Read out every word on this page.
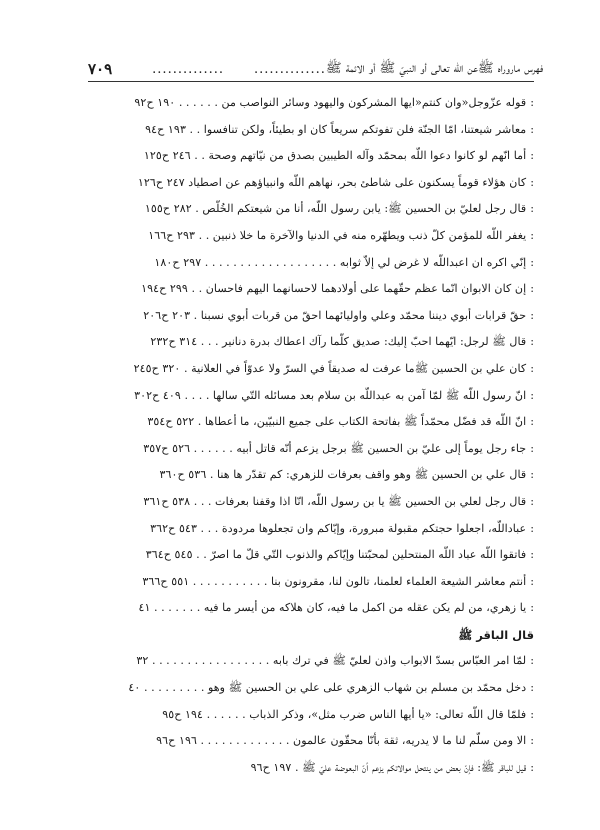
٧٠٩	.............. .............. فهرس ماروراه ﷺعن اللّه تعالى أو النبيّ ﷺ أو الائمة ﷺ
:قوله عزّوجل«وان كنتم«ايها المشركون واليهود وسائر النواصب من . . . . . . ١٩٠ ح٩٢
:معاشر شيعتنا، امّا الجنّة فلن تفوتكم سريعاً كان او بطيئاً، ولكن تنافسوا . . ١٩٣ ح٩٤
:أما انّهم لو كانوا دعوا اللّه بمحمّد وآله الطيبين بصدق من نيّاتهم وصحة . . ٢٤٦ ح١٢٥
:كان هؤلاء قوماً يسكنون على شاطئ بحر، نهاهم اللّه وانبياؤهم عن اصطياد ٢٤٧ ح١٢٦
:قال رجل لعليّ بن الحسين ﷺ: يابن رسول اللّه، أنا من شيعتكم الخُلّص . ٢٨٢ ح١٥٥
:يغفر اللّه للمؤمن كلّ ذنب ويطهّره منه في الدنيا والآخرة ما خلا ذنبين . . ٢٩٣ ح١٦٦
:إنّي اكره ان اعبداللّه لا غرض لي إلاّ ثوابه . . . . . . . . . . . . . . . . . . . ٢٩٧ ح١٨٠
:إن كان الابوان انّما عظم حقّهما على أولادهما لاحسانهما اليهم فاحسان . . ٢٩٩ ح١٩٤
:حقّ قرابات أبوي ديننا محمّد وعلي واوليائهما احقّ من قربات أبوي نسبنا . ٢٠٣ ح٢٠٦
:قال ﷺ لرجل: ايّهما احبّ إليك: صديق كلّما رآك اعطاك بدرة دنانير . . . ٣١٤ ح٢٣٢
:كان علي بن الحسين ﷺما عرفت له صديقاً في السرّ ولا عدوّاً في العلانية . ٣٢٠ ح٢٤٥
:انّ رسول اللّه ﷺ لمّا آمن به عبداللّه بن سلام بعد مسائله التّي سالها . . . . ٤٠٩ ح٣٠٢
:انّ اللّه قد فضّل محمّداً ﷺ بفاتحة الكتاب على جميع النبيّين، ما أعطاها . ٥٢٢ ح٣٥٤
:جاء رجل يوماً إلى عليّ بن الحسين ﷺ برجل يزعم أنّه قاتل أبيه . . . . . . ٥٢٦ ح٣٥٧
:قال علي بن الحسين ﷺ وهو واقف بعرفات للزهري: كم تقدّر ها هنا . ٥٣٦ ح٣٦٠
:قال رجل لعلي بن الحسين ﷺ يا بن رسول اللّه، انّا اذا وقفنا بعرفات . . . ٥٣٨ ح٣٦١
:عباداللّه، اجعلوا حجتكم مقبولة مبرورة، وإيّاكم وان تجعلوها مردودة . . . ٥٤٣ ح٣٦٢
:فاتقوا اللّه عباد اللّه المنتحلين لمحبّتنا وإيّاكم والذنوب التّي قلّ ما اصرّ . . ٥٤٥ ح٣٦٤
:أنتم معاشر الشيعة العلماء لعلمنا، تالون لنا، مقرونون بنا . . . . . . . . . . . ٥٥١ ح٣٦٦
:يا زهري، من لم يكن عقله من اكمل ما فيه، كان هلاكه من أيسر ما فيه . . . . . . . ٤١
قال الباقر ﷺ
:لمّا امر العبّاس بسدّ الابواب واذن لعليّ ﷺ في ترك بابه . . . . . . . . . . . . . . . . . ٣٢
:دخل محمّد بن مسلم بن شهاب الزهري على علي بن الحسين ﷺ وهو . . . . . . . . . ٤٠
:فلمّا قال اللّه تعالى: «يا أيها الناس ضرب مثل»، وذكر الذباب . . . . . . ١٩٤ ح٩٥
:الا ومن سلّم لنا ما لا يدريه، ثقة بأنّا محقّون عالمون . . . . . . . . . . . . . ١٩٦ ح٩٦
:قيل للباقر ﷺ: فإنّ بعض من ينتحل موالاتكم يزعم أنّ البعوضة عليّ ﷺ . ١٩٧ ح٩٦
